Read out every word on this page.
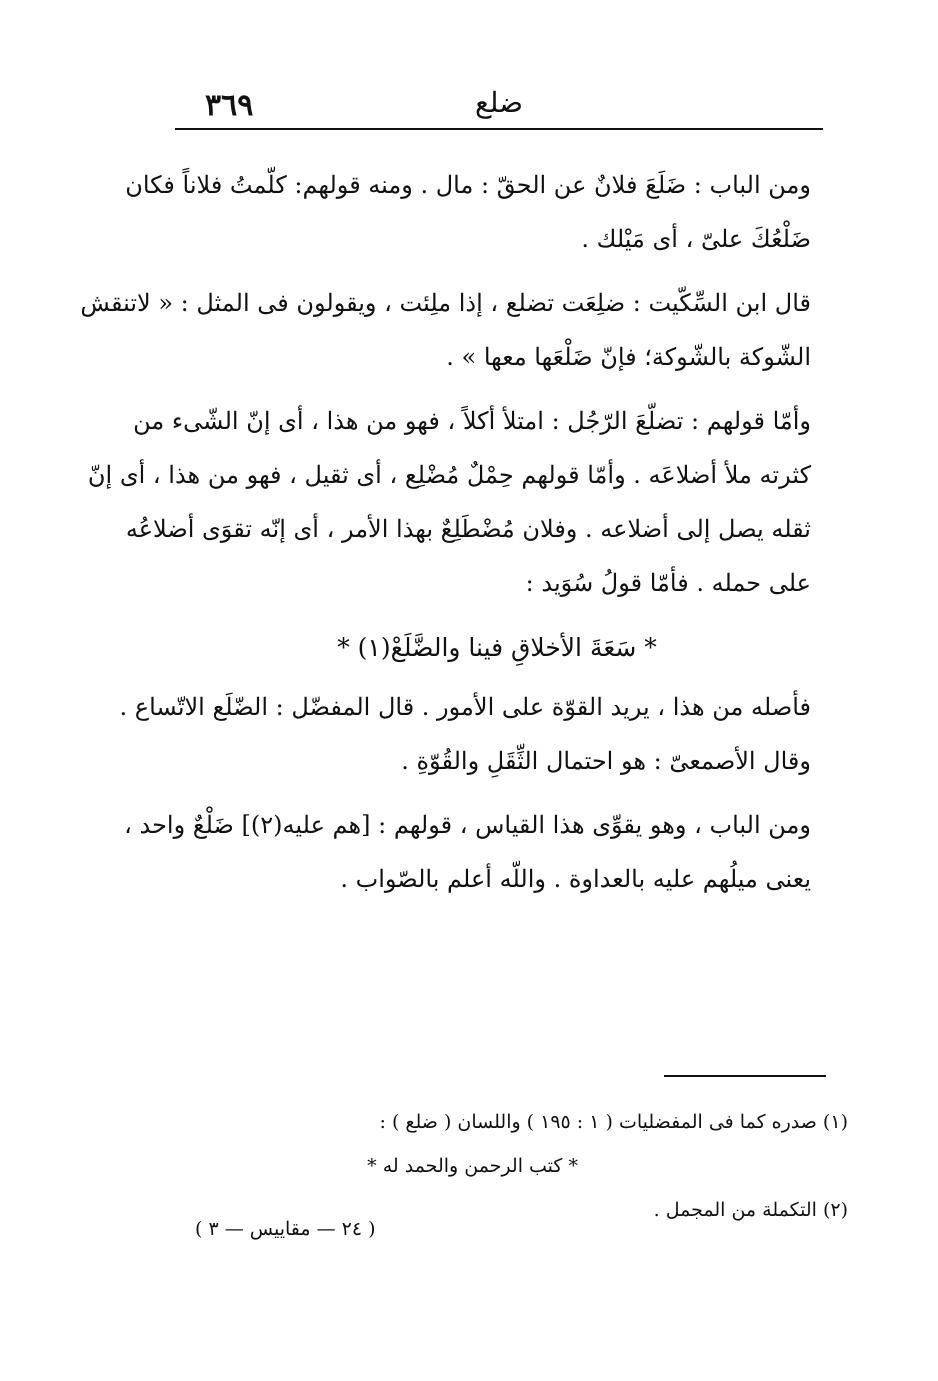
٣٦٩	ضلع
ومن الباب : ضَلَعَ فلانٌ عن الحقّ : مال . ومنه قولهم: كلّمتُ فلاناً فكان
ضَلْعُكَ علىّ ، أى مَيْلك .
قال ابن السِّكّيت : ضلِعَت تضلع ، إذا ملِئت ، ويقولون فى المثل : « لاتنقش
الشّوكة بالشّوكة؛ فإنّ ضَلْعَها معها » .
وأمّا قولهم : تضلّعَ الرّجُل : امتلأ أكلاً ، فهو من هذا ، أى إنّ الشّىء من
كثرته ملأ أضلاعَه . وأمّا قولهم حِمْلٌ مُضْلِع ، أى ثقيل ، فهو من هذا ، أى إنّ
ثقله يصل إلى أضلاعه . وفلان مُضْطَلِعٌ بهذا الأمر ، أى إنّه تقوَى أضلاعُه
على حمله . فأمّا قولُ سُوَيد :
* سَعَةَ الأخلاقِ فينا والضَّلَعْ(١) *
فأصله من هذا ، يريد القوّة على الأمور . قال المفضّل : الضّلَع الاتّساع .
وقال الأصمعىّ : هو احتمال الثِّقَلِ والقُوّةِ .
ومن الباب ، وهو يقوِّى هذا القياس ، قولهم : [هم عليه(٢)] ضَلْعٌ واحد ،
يعنى ميلُهم عليه بالعداوة . واللّه أعلم بالصّواب .
(١) صدره كما فى المفضليات ( ١ : ١٩٥ ) واللسان ( ضلع ) :
* كتب الرحمن والحمد له *
(٢) التكملة من المجمل .
( ٢٤ — مقاييس — ٣ )
